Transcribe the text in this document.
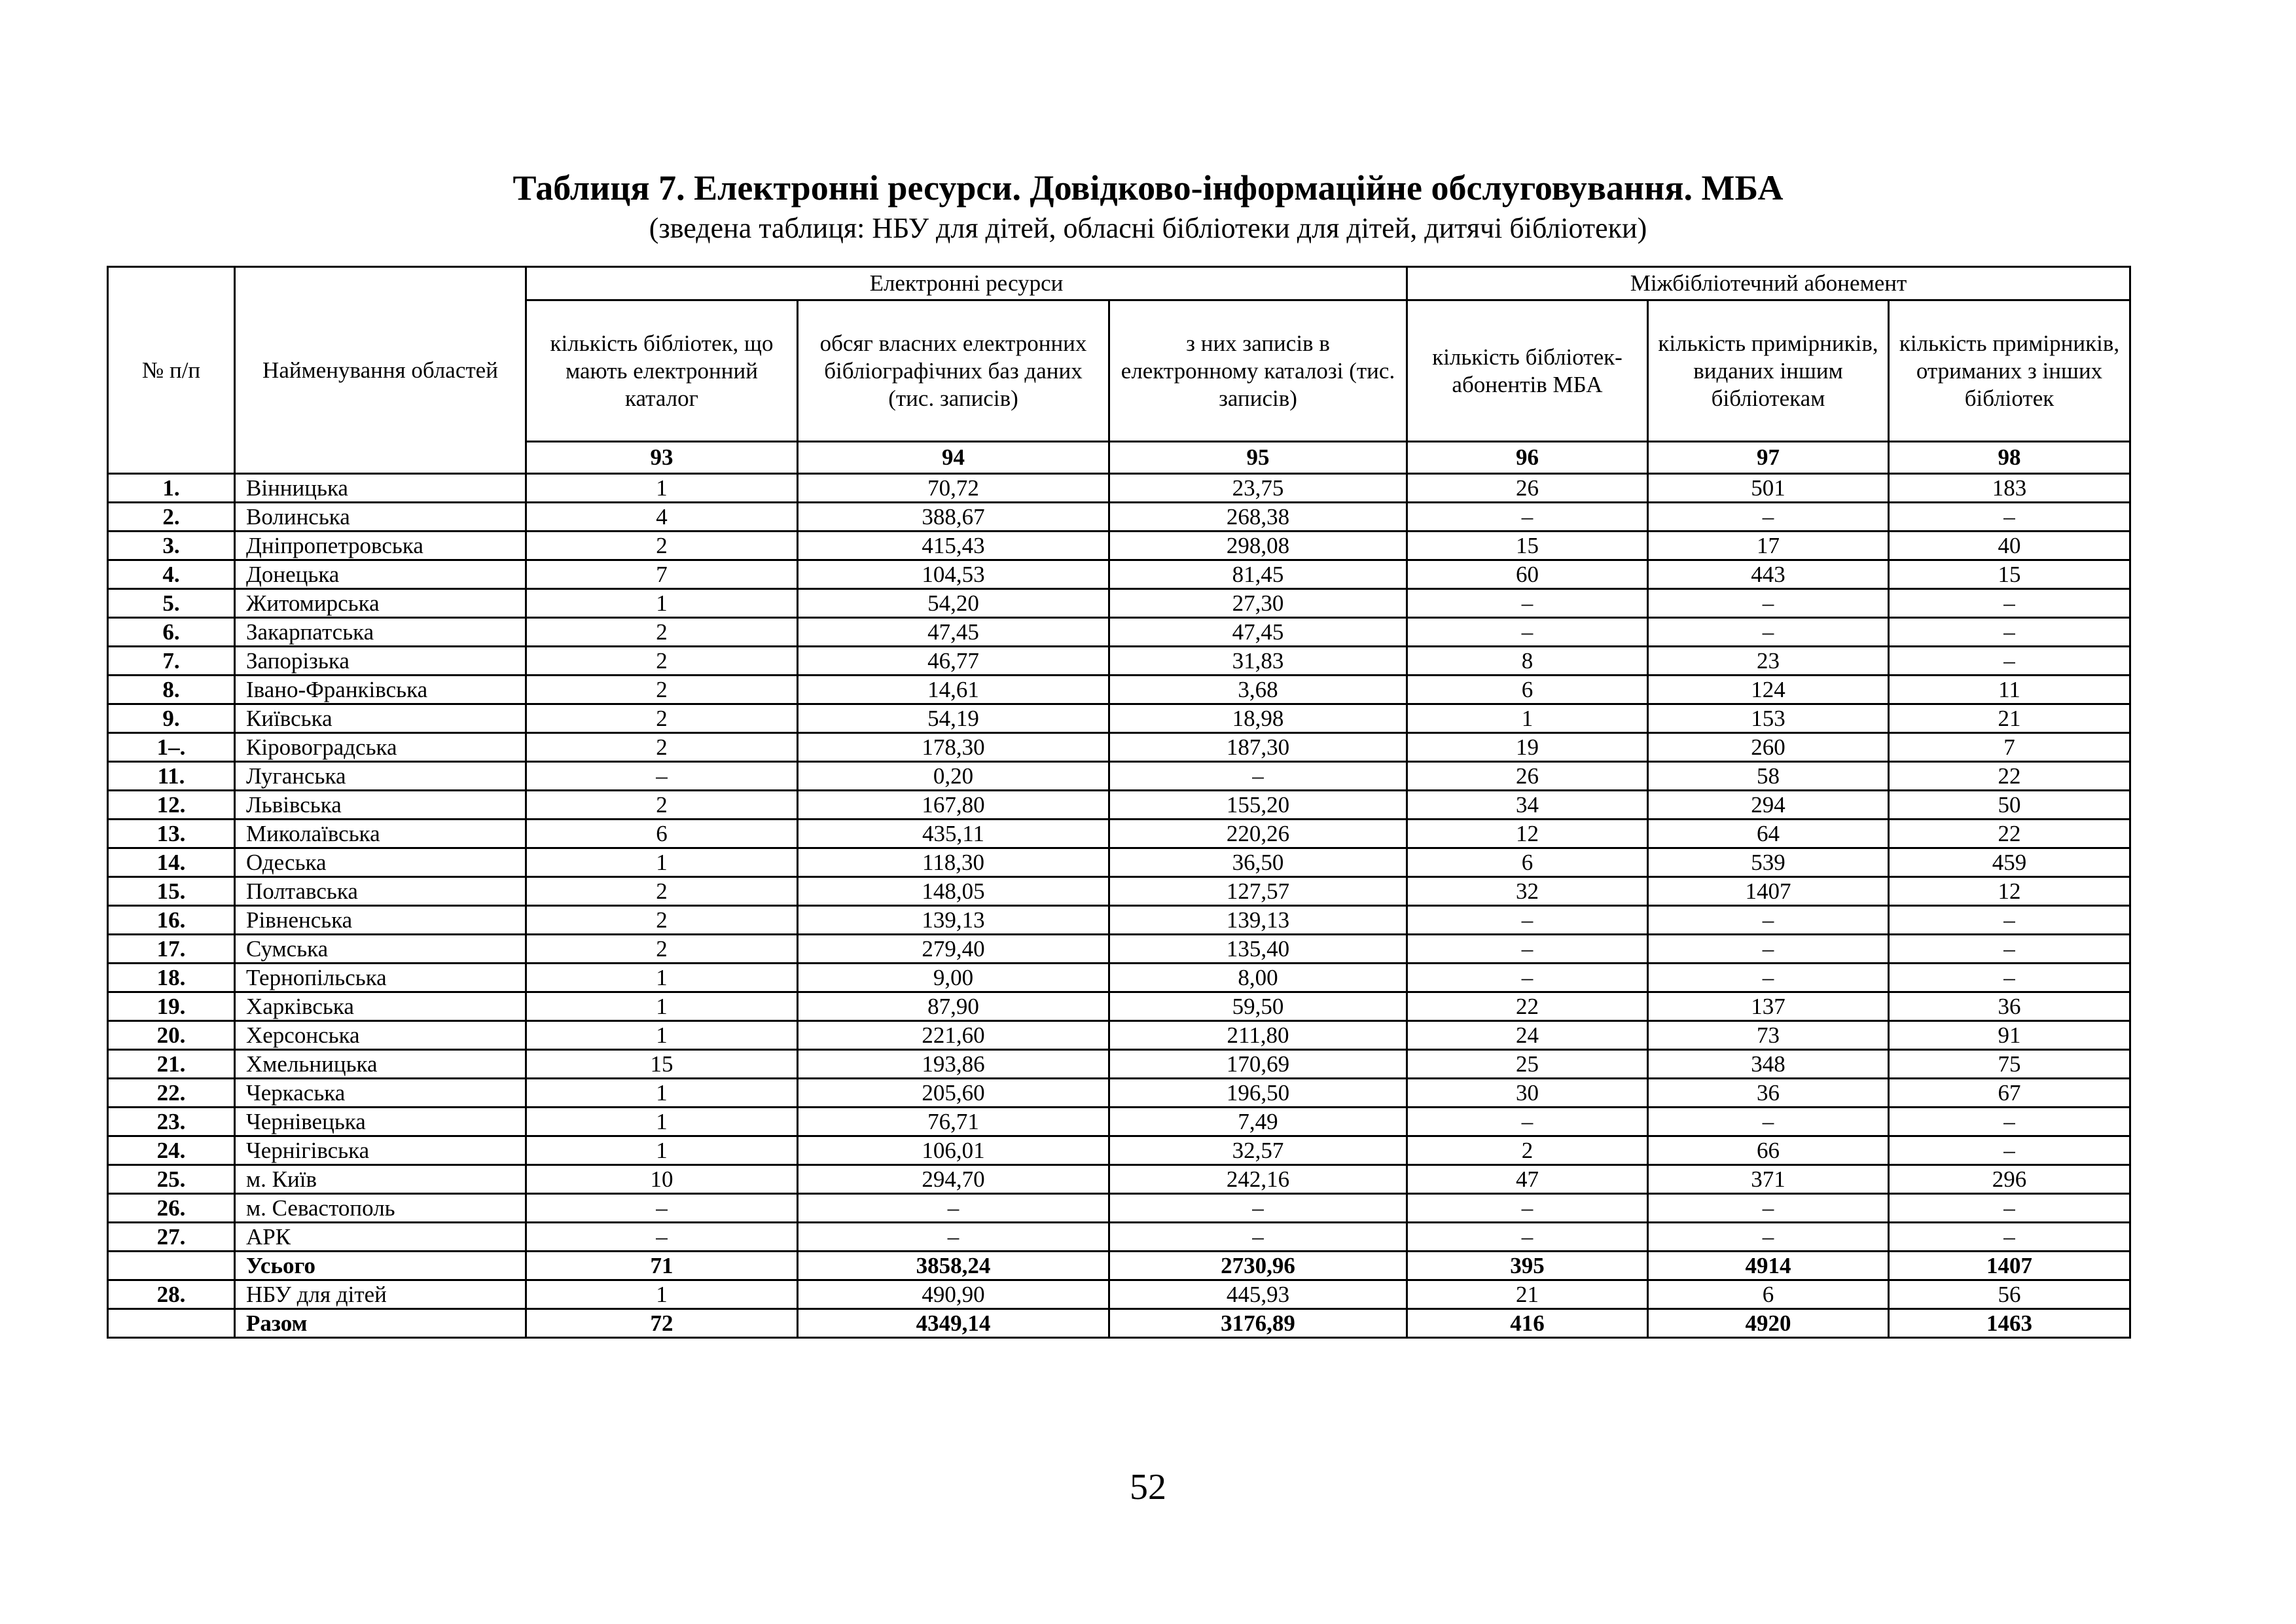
Таблиця 7. Електронні ресурси. Довідково-інформаційне обслуговування. МБА

(зведена таблиця: НБУ для дітей, обласні бібліотеки для дітей, дитячі бібліотеки)

№ п/п	Найменування областей	Електронні ресурси			Міжбібліотечний абонемент		
		кількість бібліотек, що мають електронний каталог	обсяг власних електронних бібліографічних баз даних (тис. записів)	з них записів в електронному каталозі (тис. записів)	кількість бібліотек-абонентів МБА	кількість примірників, виданих іншим бібліотекам	кількість примірників, отриманих з інших бібліотек
		93	94	95	96	97	98
1.	Вінницька	1	70,72	23,75	26	501	183
2.	Волинська	4	388,67	268,38	–	–	–
3.	Дніпропетровська	2	415,43	298,08	15	17	40
4.	Донецька	7	104,53	81,45	60	443	15
5.	Житомирська	1	54,20	27,30	–	–	–
6.	Закарпатська	2	47,45	47,45	–	–	–
7.	Запорізька	2	46,77	31,83	8	23	–
8.	Івано-Франківська	2	14,61	3,68	6	124	11
9.	Київська	2	54,19	18,98	1	153	21
1–.	Кіровоградська	2	178,30	187,30	19	260	7
11.	Луганська	–	0,20	–	26	58	22
12.	Львівська	2	167,80	155,20	34	294	50
13.	Миколаївська	6	435,11	220,26	12	64	22
14.	Одеська	1	118,30	36,50	6	539	459
15.	Полтавська	2	148,05	127,57	32	1407	12
16.	Рівненська	2	139,13	139,13	–	–	–
17.	Сумська	2	279,40	135,40	–	–	–
18.	Тернопільська	1	9,00	8,00	–	–	–
19.	Харківська	1	87,90	59,50	22	137	36
20.	Херсонська	1	221,60	211,80	24	73	91
21.	Хмельницька	15	193,86	170,69	25	348	75
22.	Черкаська	1	205,60	196,50	30	36	67
23.	Чернівецька	1	76,71	7,49	–	–	–
24.	Чернігівська	1	106,01	32,57	2	66	–
25.	м. Київ	10	294,70	242,16	47	371	296
26.	м. Севастополь	–	–	–	–	–	–
27.	АРК	–	–	–	–	–	–
	Усього	71	3858,24	2730,96	395	4914	1407
28.	НБУ для дітей	1	490,90	445,93	21	6	56
	Разом	72	4349,14	3176,89	416	4920	1463

52
